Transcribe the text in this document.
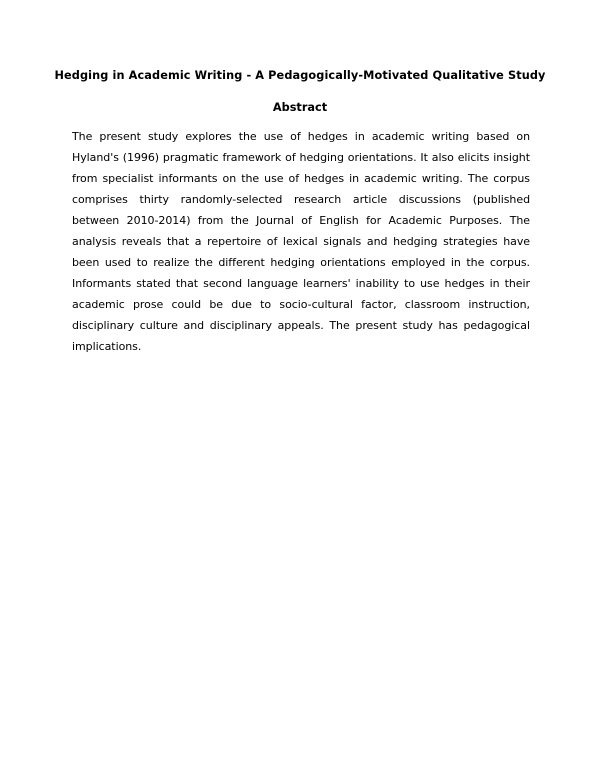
Hedging in Academic Writing - A Pedagogically-Motivated Qualitative Study
Abstract

The present study explores the use of hedges in academic writing based on Hyland's (1996) pragmatic framework of hedging orientations. It also elicits insight from specialist informants on the use of hedges in academic writing. The corpus comprises thirty randomly-selected research article discussions (published between 2010-2014) from the Journal of English for Academic Purposes. The analysis reveals that a repertoire of lexical signals and hedging strategies have been used to realize the different hedging orientations employed in the corpus. Informants stated that second language learners' inability to use hedges in their academic prose could be due to socio-cultural factor, classroom instruction, disciplinary culture and disciplinary appeals. The present study has pedagogical implications.
